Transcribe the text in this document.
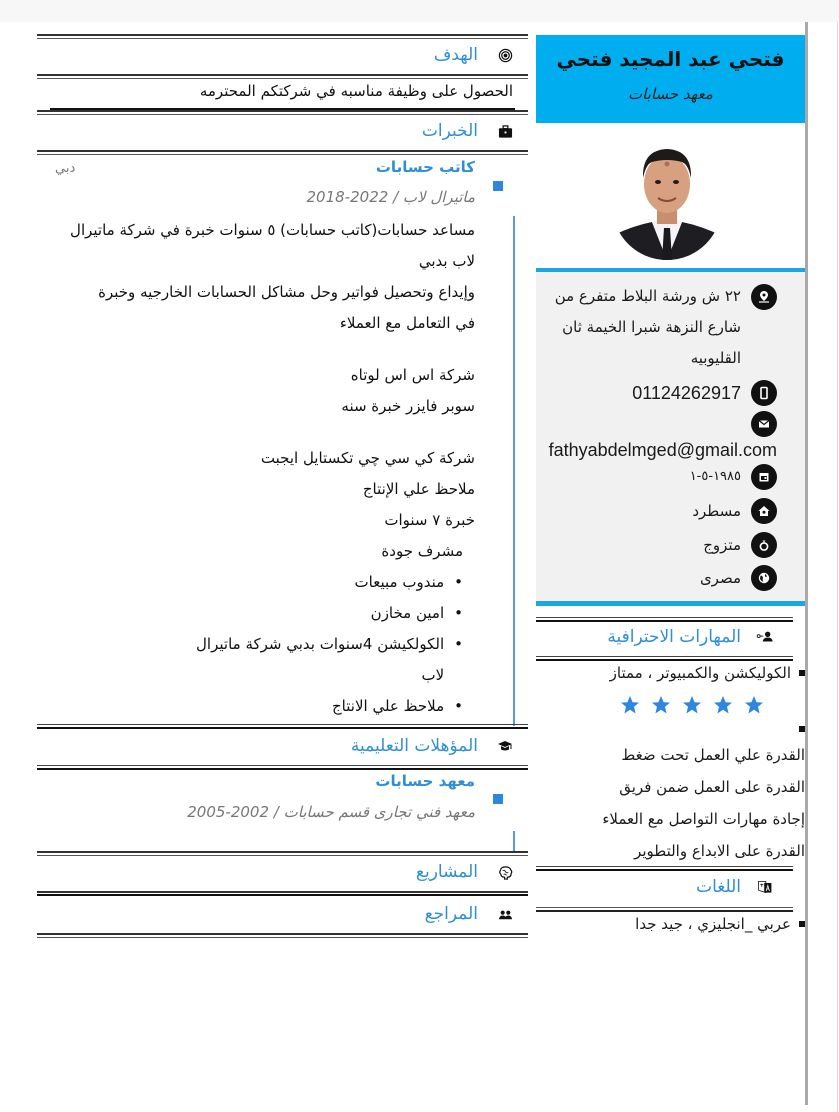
فتحي عبد المجيد فتحي
معهد حسابات
٢٢ ش ورشة البلاط متفرع من شارع النزهة شبرا الخيمة ثان القليوبيه
01124262917
fathyabdelmged@gmail.com
١٩٨٥-٥-١
مسطرد
متزوج
مصرى
المهارات الاحترافية
الكوليكشن والكمبيوتر ، ممتاز
القدرة علي العمل تحت ضغط
القدرة على العمل ضمن فريق
إجادة مهارات التواصل مع العملاء
القدرة على الابداع والتطوير
اللغات
عربي _انجليزي ، جيد جدا
الهدف
الحصول على وظيفة مناسبه في شركتكم المحترمه
الخبرات
كاتب حسابات
دبي
ماتيرال لاب / 2022-2018
مساعد حسابات(كاتب حسابات) ٥ سنوات خبرة في شركة ماتيرال
لاب بدبي
وإيداع وتحصيل فواتير وحل مشاكل الحسابات الخارجيه وخبرة
في التعامل مع العملاء
شركة اس اس لوتاه
سوبر فايزر خبرة سنه
شركة كي سي چي تكستايل ايجبت
ملاحظ علي الإنتاج
خبرة ٧ سنوات
مشرف جودة
•
مندوب مبيعات
•
امين مخازن
•
الكولكيشن 4سنوات بدبي شركة ماتيرال لاب
•
ملاحظ علي الانتاج
المؤهلات التعليمية
معهد حسابات
معهد فني تجارى قسم حسابات / 2002-2005
المشاريع
المراجع
